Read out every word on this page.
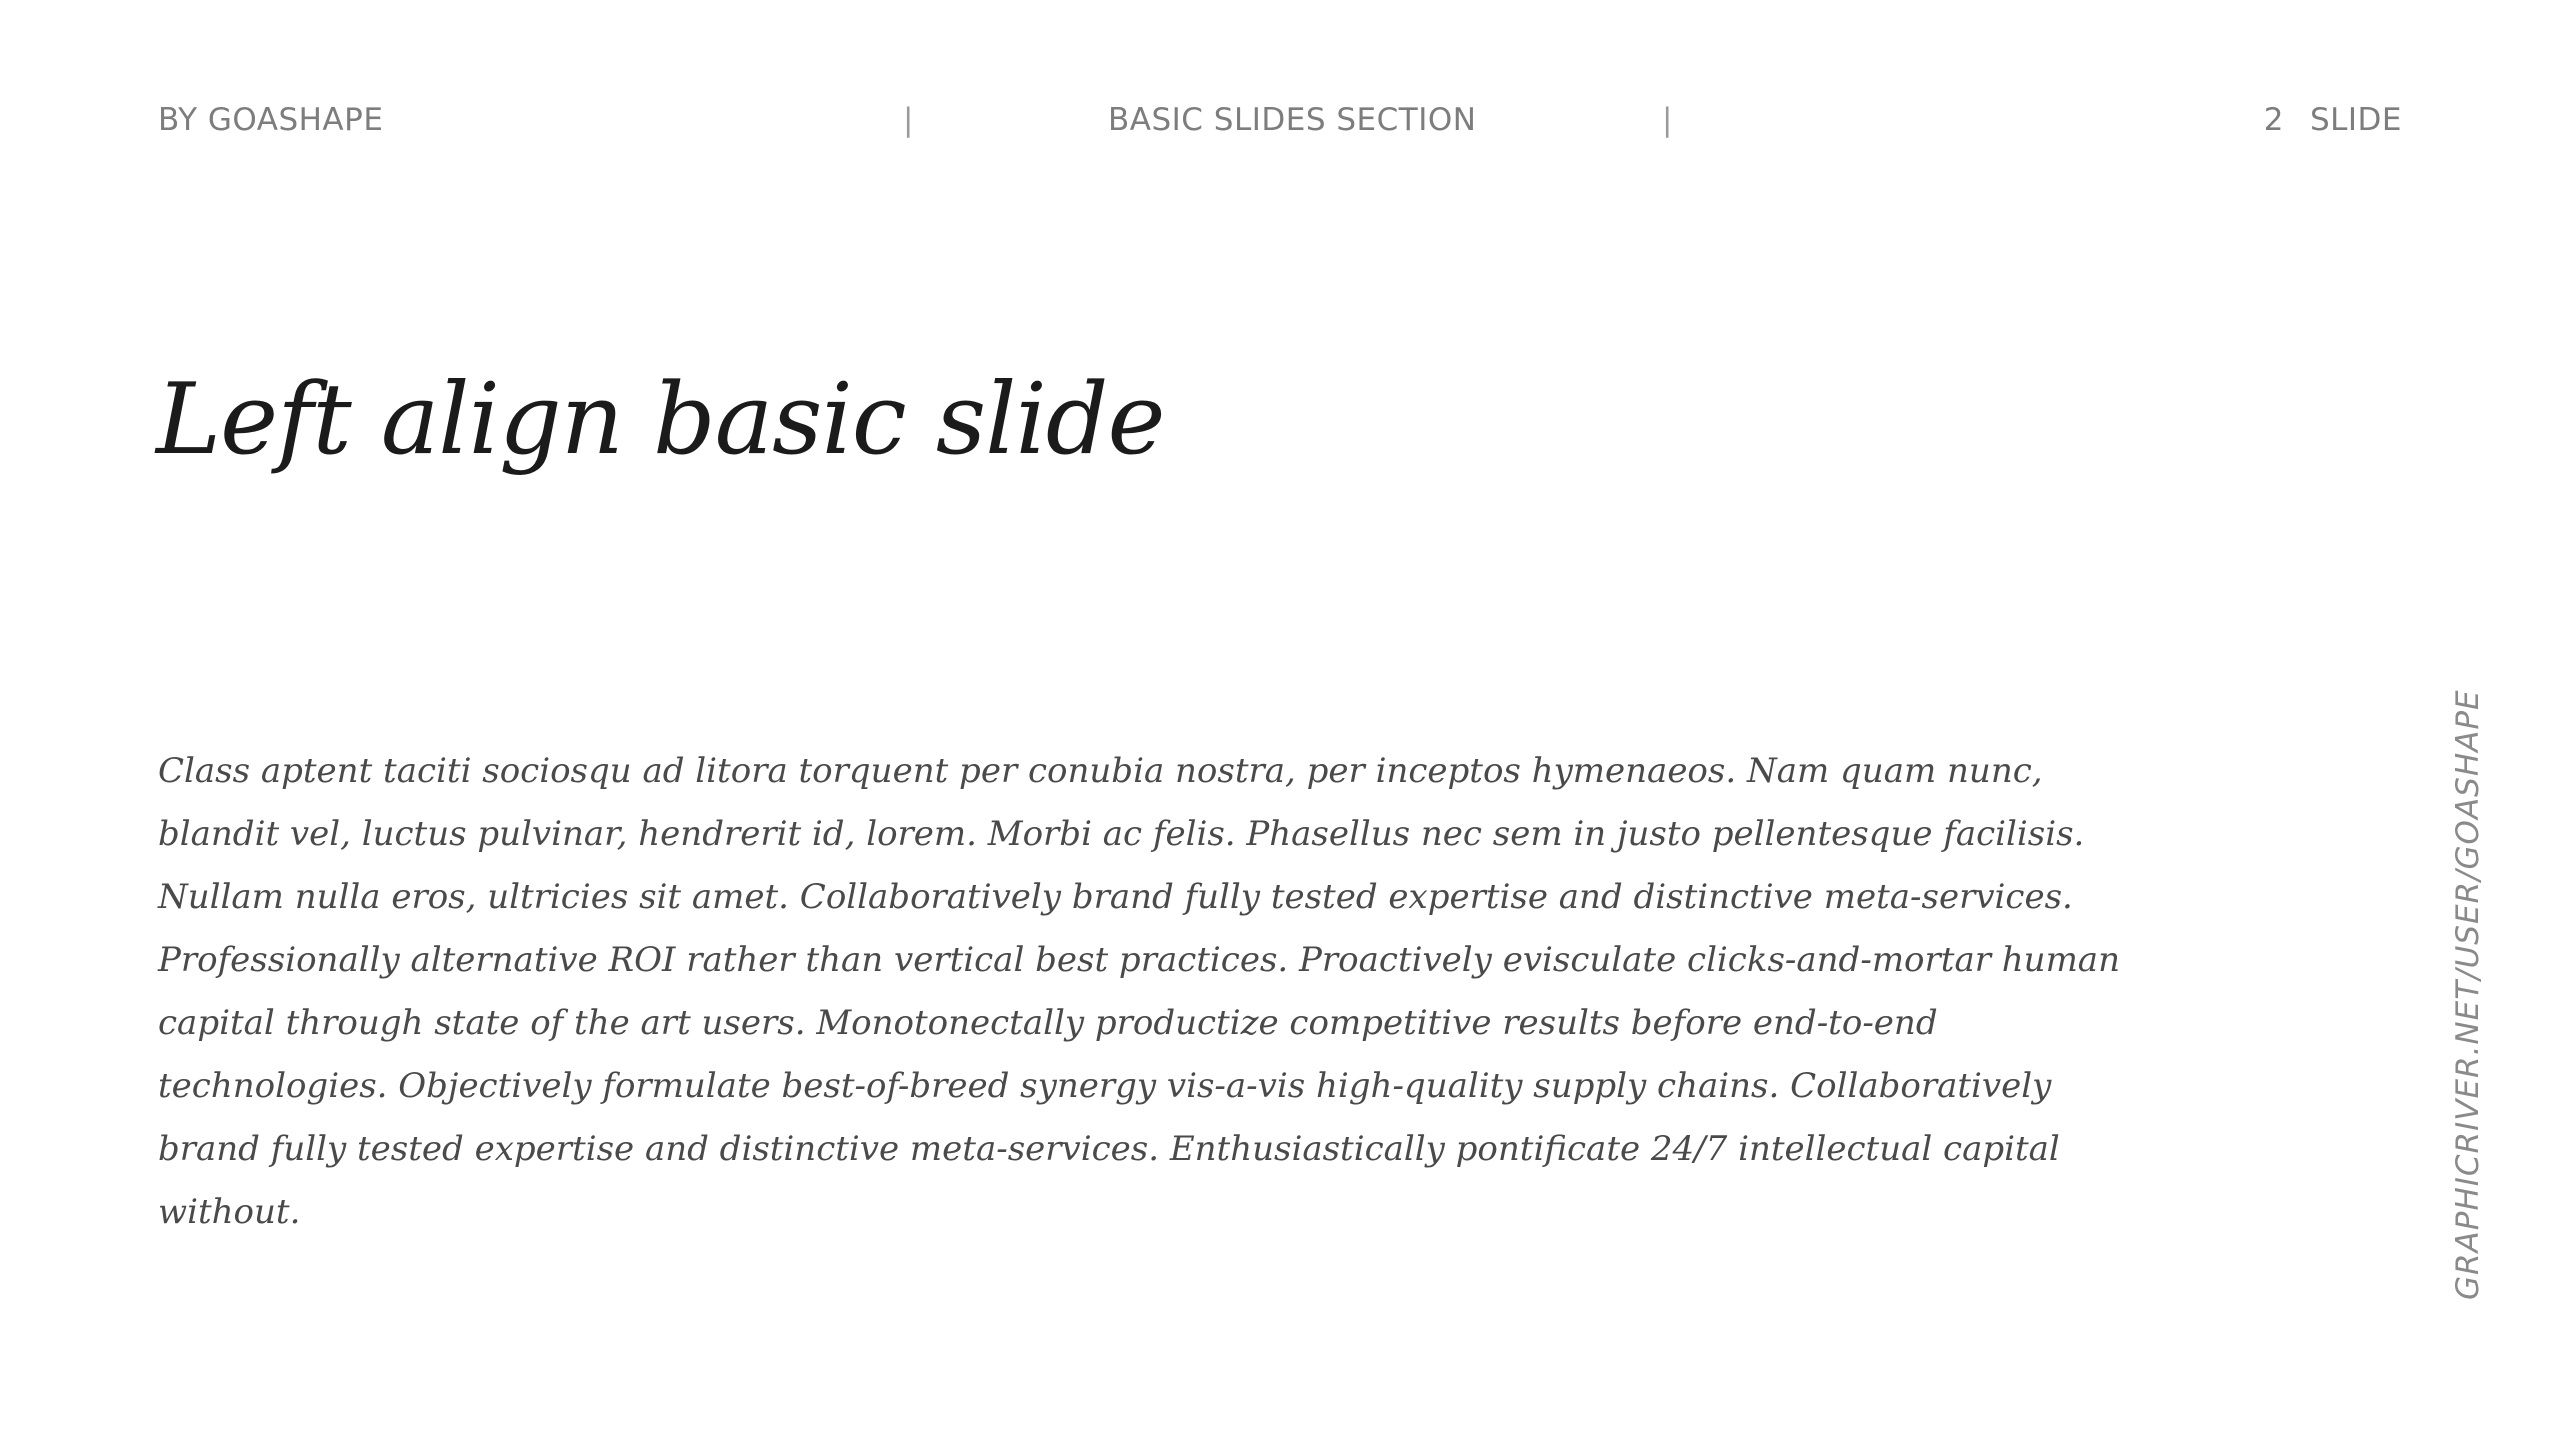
BY GOASHAPE	|	BASIC SLIDES SECTION	|	2 SLIDE
Left align basic slide

Class aptent taciti sociosqu ad litora torquent per conubia nostra, per inceptos hymenaeos. Nam quam nunc, blandit vel, luctus pulvinar, hendrerit id, lorem. Morbi ac felis. Phasellus nec sem in justo pellentesque facilisis. Nullam nulla eros, ultricies sit amet. Collaboratively brand fully tested expertise and distinctive meta-services. Professionally alternative ROI rather than vertical best practices. Proactively evisculate clicks-and-mortar human capital through state of the art users. Monotonectally productize competitive results before end-to-end technologies. Objectively formulate best-of-breed synergy vis-a-vis high-quality supply chains. Collaboratively brand fully tested expertise and distinctive meta-services. Enthusiastically pontificate 24/7 intellectual capital without.	GRAPHICRIVER.NET/USER/GOASHAPE
